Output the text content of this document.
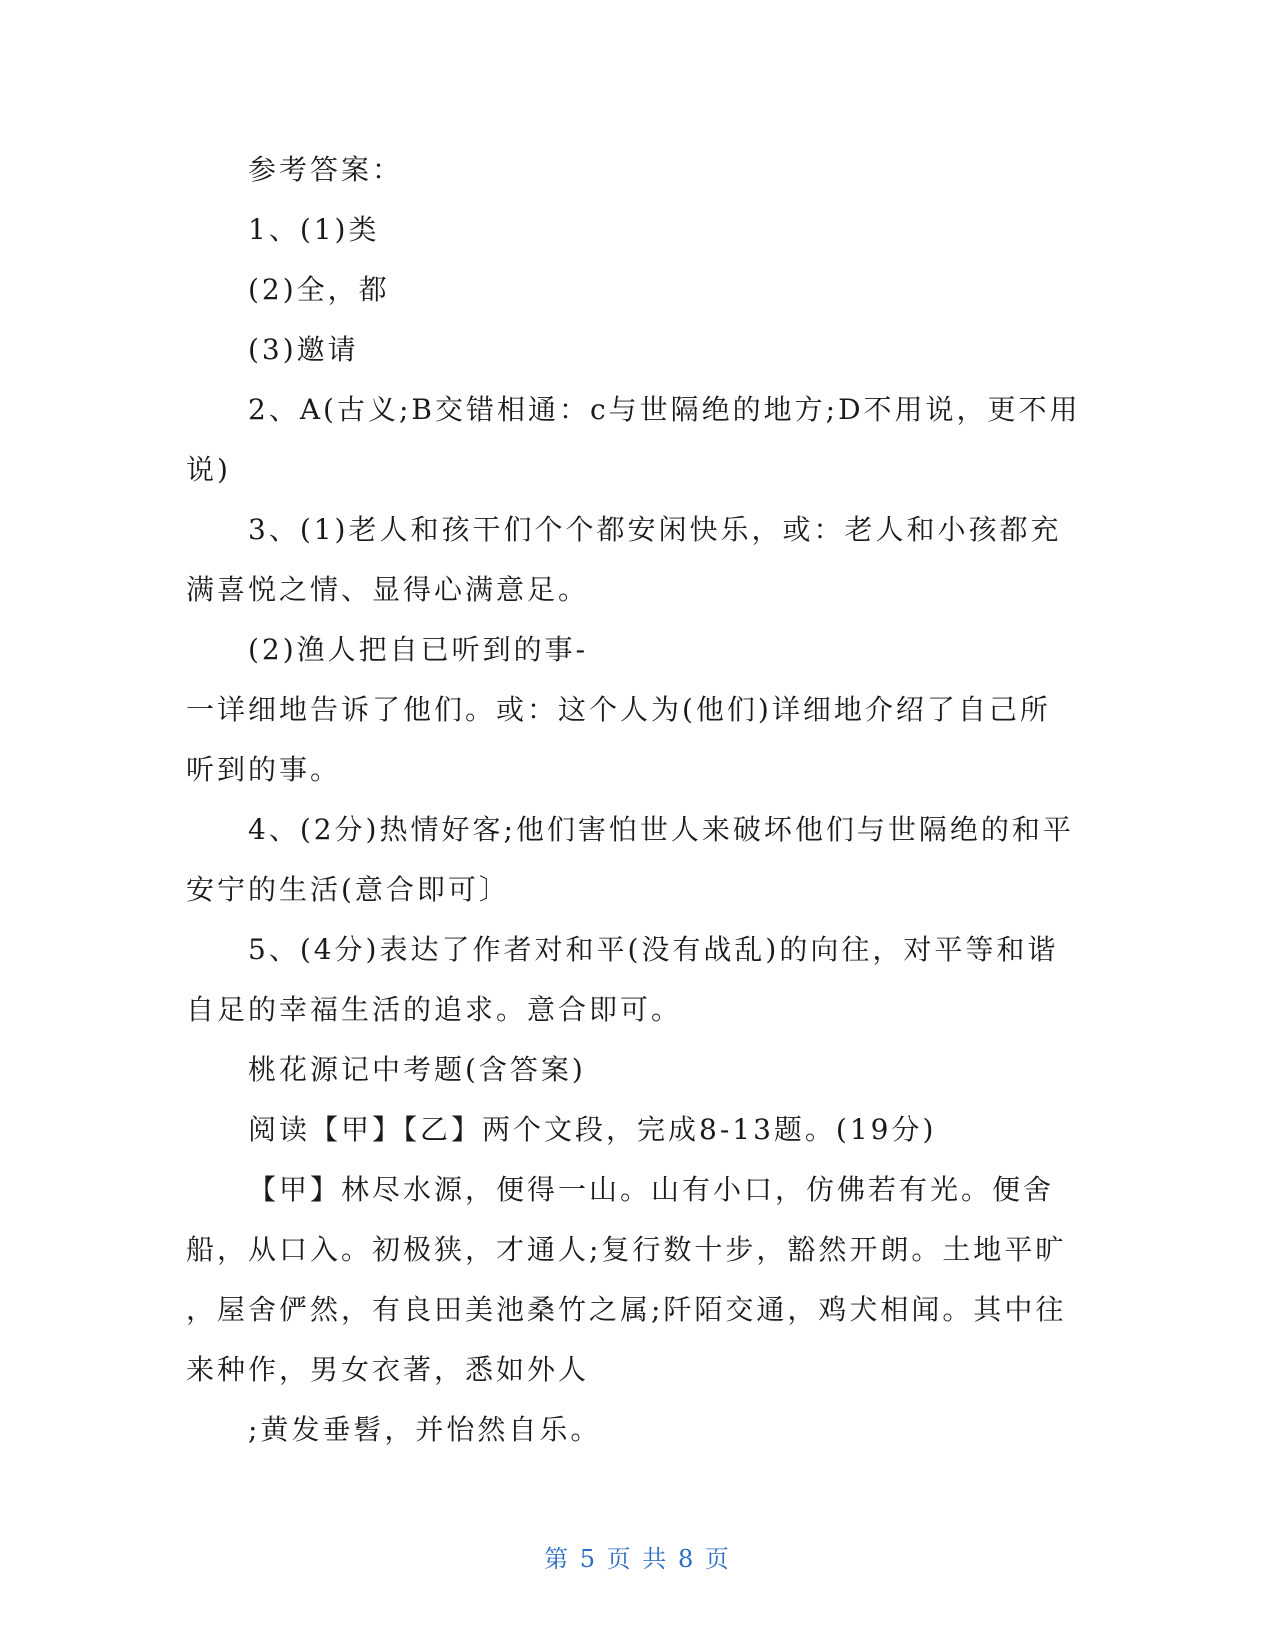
参考答案：
1、(1)类
(2)全，都
(3)邀请
2、A(古义;B交错相通：c与世隔绝的地方;D不用说，更不用
说)
3、(1)老人和孩干们个个都安闲快乐，或：老人和小孩都充
满喜悦之情、显得心满意足。
(2)渔人把自已听到的事-
一详细地告诉了他们。或：这个人为(他们)详细地介绍了自己所
听到的事。
4、(2分)热情好客;他们害怕世人来破坏他们与世隔绝的和平
安宁的生活(意合即可〕
5、(4分)表达了作者对和平(没有战乱)的向往，对平等和谐
自足的幸福生活的追求。意合即可。
桃花源记中考题(含答案)
阅读【甲】【乙】两个文段，完成8-13题。(19分)
【甲】林尽水源，便得一山。山有小口，仿佛若有光。便舍
船，从口入。初极狭，才通人;复行数十步，豁然开朗。土地平旷
，屋舍俨然，有良田美池桑竹之属;阡陌交通，鸡犬相闻。其中往
来种作，男女衣著，悉如外人
;黄发垂髫，并怡然自乐。
第 5 页 共 8 页
